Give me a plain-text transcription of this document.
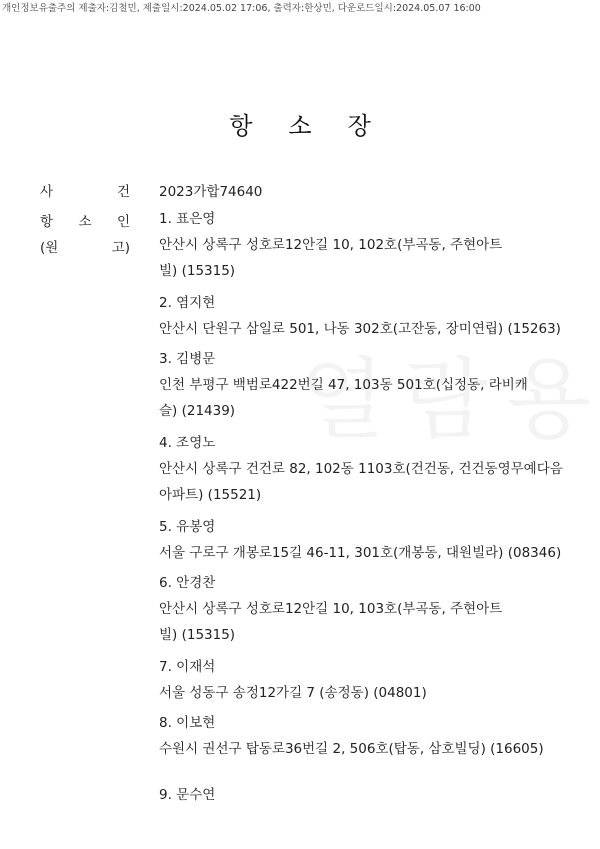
개인정보유출주의 제출자:김철민, 제출일시:2024.05.02 17:06, 출력자:한상민, 다운로드일시:2024.05.07 16:00
항 소 장
사	건 2023가합74640
항 소 인
(원	고)
1. 표은영
안산시 상록구 성호로12안길 10, 102호(부곡동, 주현아트
빌) (15315)
2. 염지현
안산시 단원구 삼일로 501, 나동 302호(고잔동, 장미연립) (15263)
3. 김병문
인천 부평구 백범로422번길 47, 103동 501호(십정동, 라비캐
슬) (21439)
4. 조영노
안산시 상록구 건건로 82, 102동 1103호(건건동, 건건동영무예다음
아파트) (15521)
5. 유봉영
서울 구로구 개봉로15길 46-11, 301호(개봉동, 대원빌라) (08346)
6. 안경찬
안산시 상록구 성호로12안길 10, 103호(부곡동, 주현아트
빌) (15315)
7. 이재석
서울 성동구 송정12가길 7 (송정동) (04801)
8. 이보현
수원시 권선구 탑동로36번길 2, 506호(탑동, 삼호빌딩) (16605)
9. 문수연
